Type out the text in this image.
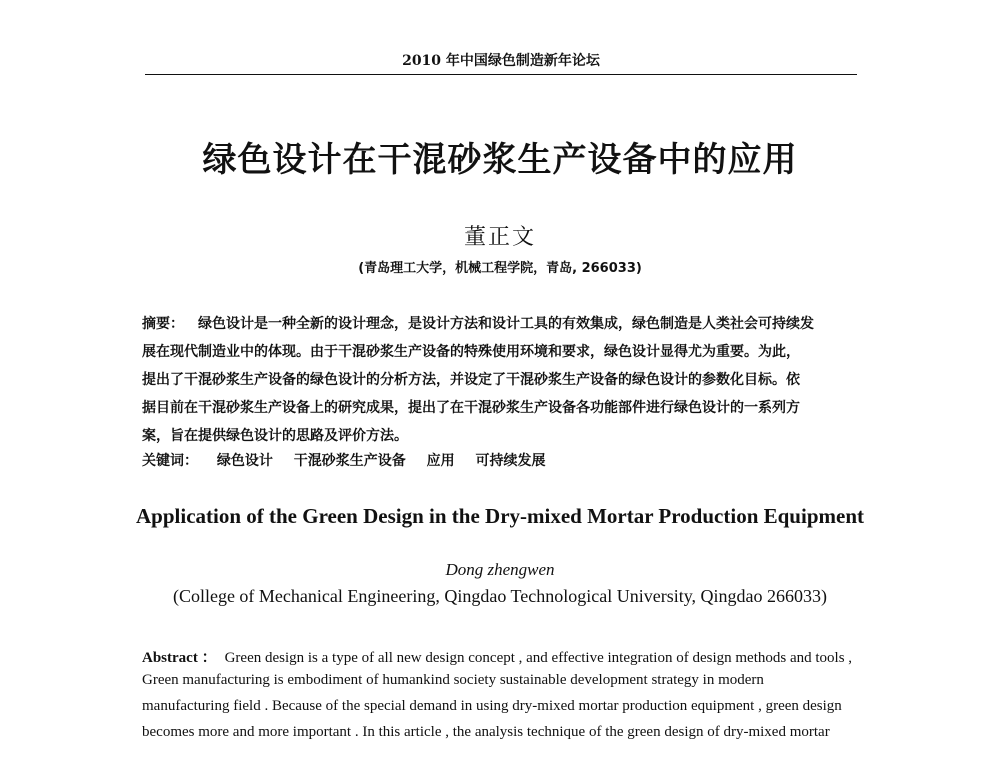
2010 年中国绿色制造新年论坛
绿色设计在干混砂浆生产设备中的应用
董正文
(青岛理工大学，机械工程学院，青岛, 266033)
摘要： 绿色设计是一种全新的设计理念，是设计方法和设计工具的有效集成，绿色制造是人类社会可持续发
展在现代制造业中的体现。由于干混砂浆生产设备的特殊使用环境和要求，绿色设计显得尤为重要。为此，
提出了干混砂浆生产设备的绿色设计的分析方法，并设定了干混砂浆生产设备的绿色设计的参数化目标。依
据目前在干混砂浆生产设备上的研究成果，提出了在干混砂浆生产设备各功能部件进行绿色设计的一系列方
案，旨在提供绿色设计的思路及评价方法。
关键词： 绿色设计 干混砂浆生产设备 应用 可持续发展
Application of the Green Design in the Dry-mixed Mortar Production Equipment
Dong zhengwen
(College of Mechanical Engineering, Qingdao Technological University, Qingdao 266033)
Abstract ： Green design is a type of all new design concept , and effective integration of design methods and tools ,
Green manufacturing is embodiment of humankind society sustainable development strategy in modern
manufacturing field . Because of the special demand in using dry-mixed mortar production equipment , green design
becomes more and more important . In this article , the analysis technique of the green design of dry-mixed mortar
